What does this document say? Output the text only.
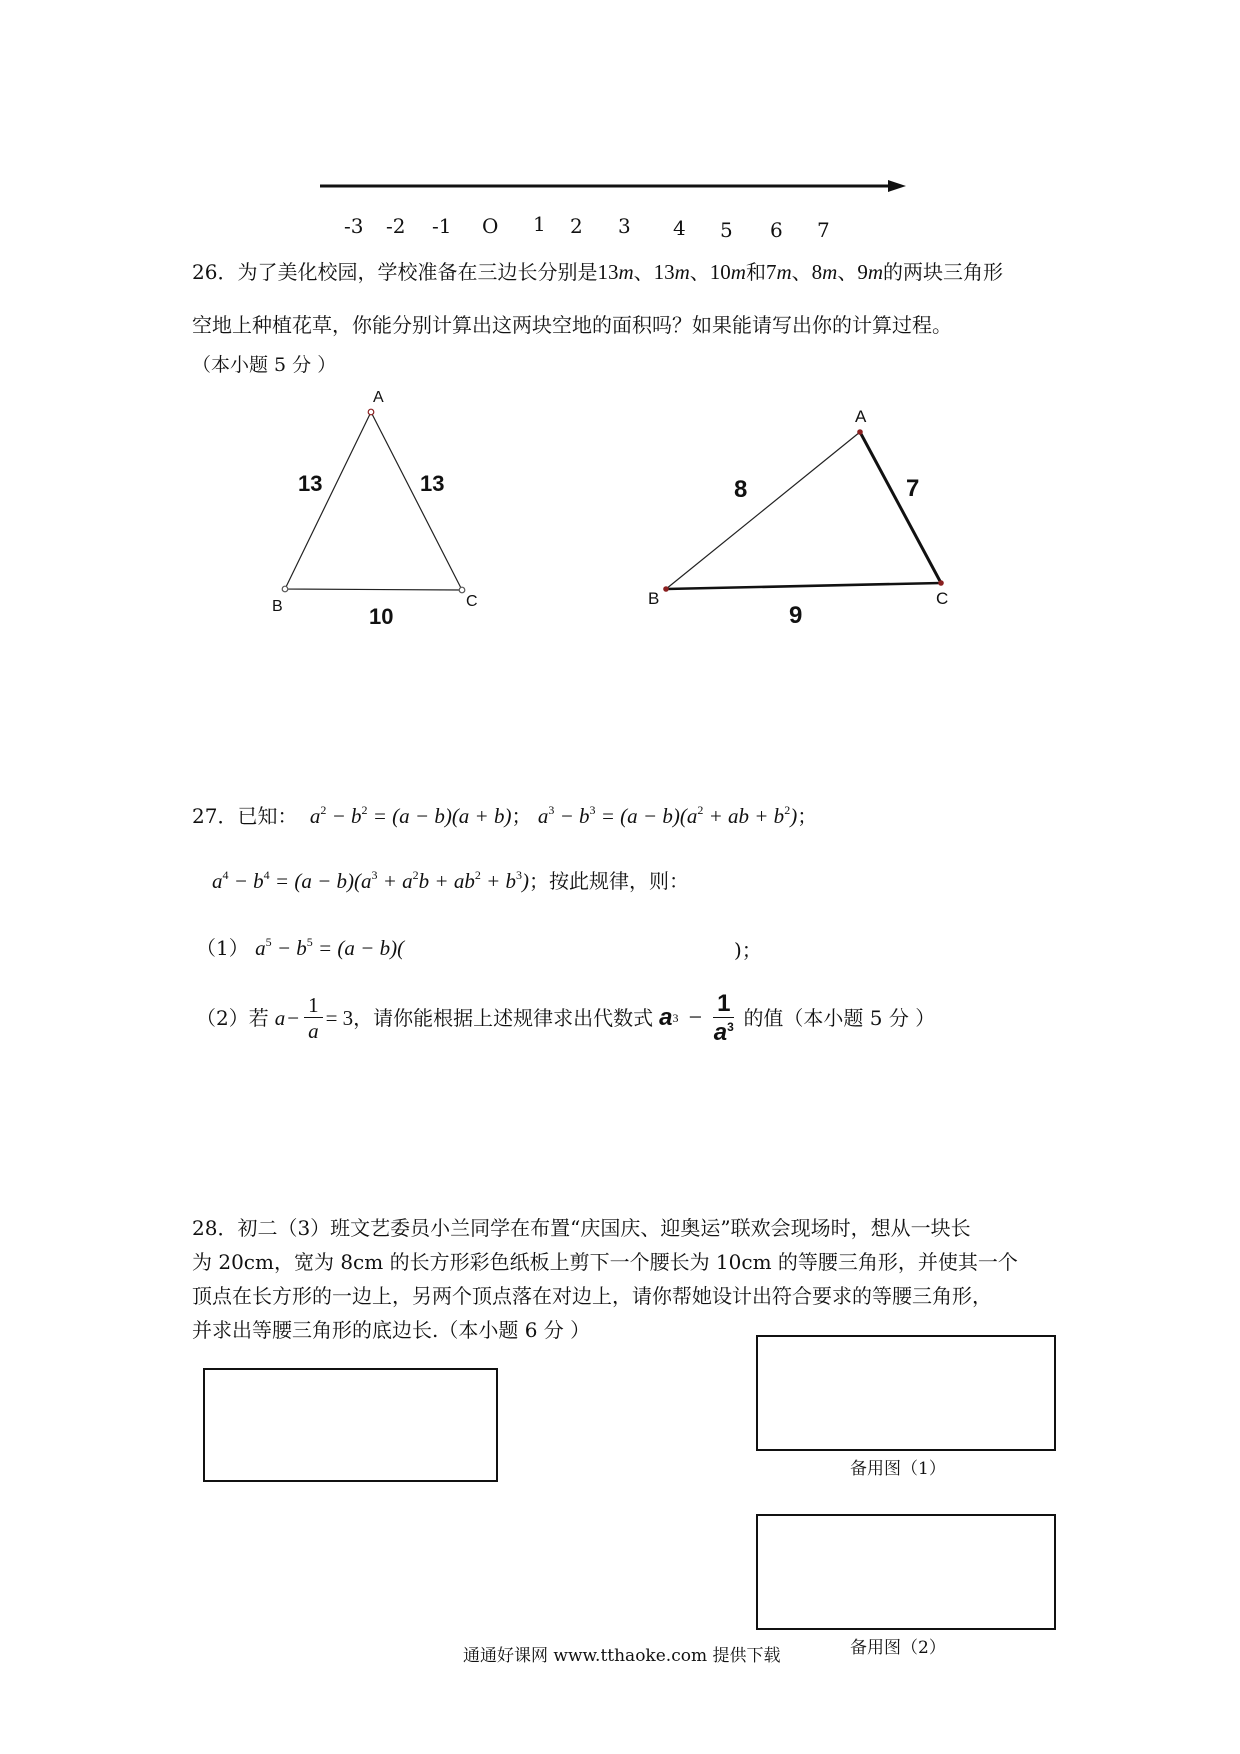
-3 -2 -1 O 1 2 3 4 5 6 7
26．为了美化校园，学校准备在三边长分别是13m、13m、10m和7m、8m、9m的两块三角形
空地上种植花草，你能分别计算出这两块空地的面积吗？如果能请写出你的计算过程。
（本小题 5 分 ）
A
B	C
13	13
10
A
B	C
8	7
9
27．已知： $a^2 - b^2 = (a - b)(a + b)$； $a^3 - b^3 = (a - b)(a^2$ + ab + $b^2$)；
$a^4 - b^4 = (a - b)(a^3 + a^2b + ab^2 + b^3)$；按此规律，则：
（1） $a^5 - b^5 = (a - b)$(	)；
（2）若 $a - \frac{1}{a} = 3$ ，请你能根据上述规律求出代数式 a $3 - \frac{1}{a^3}$ 的值（本小题 5 分 ）
28．初二（3）班文艺委员小兰同学在布置“庆国庆、迎奥运”联欢会现场时，想从一块长
为 20cm，宽为 8cm 的长方形彩色纸板上剪下一个腰长为 10cm 的等腰三角形，并使其一个
顶点在长方形的一边上，另两个顶点落在对边上，请你帮她设计出符合要求的等腰三角形，
并求出等腰三角形的底边长.（本小题 6 分 ）
备用图（1）
备用图（2）
通通好课网 www.tthaoke.com 提供下载
